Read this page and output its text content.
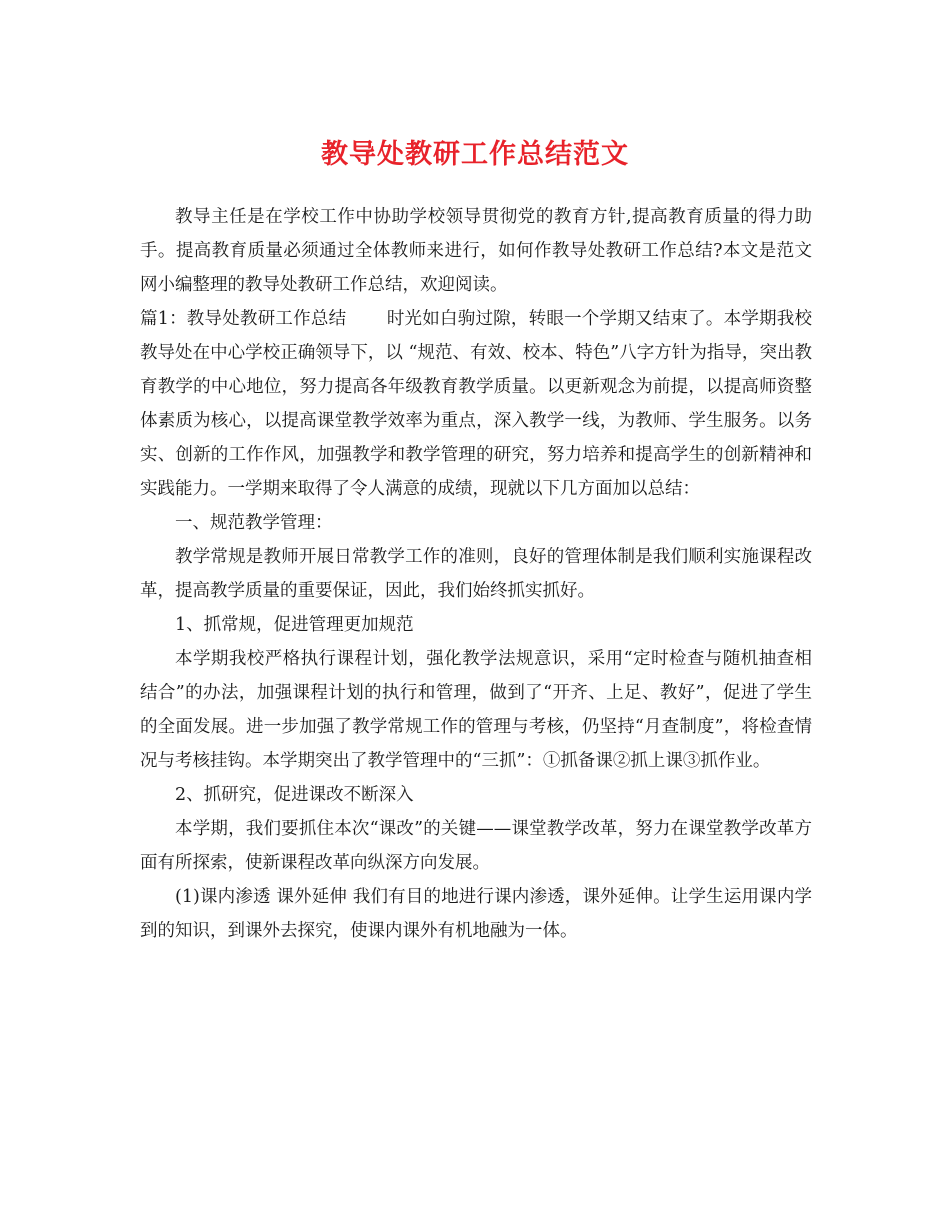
教导处教研工作总结范文

教导主任是在学校工作中协助学校领导贯彻党的教育方针,提高教育质量的得力助手。提高教育质量必须通过全体教师来进行，如何作教导处教研工作总结?本文是范文网小编整理的教导处教研工作总结，欢迎阅读。

篇1：教导处教研工作总结 时光如白驹过隙，转眼一个学期又结束了。本学期我校教导处在中心学校正确领导下，以 “规范、有效、校本、特色”八字方针为指导，突出教育教学的中心地位，努力提高各年级教育教学质量。以更新观念为前提，以提高师资整体素质为核心，以提高课堂教学效率为重点，深入教学一线，为教师、学生服务。以务实、创新的工作作风，加强教学和教学管理的研究，努力培养和提高学生的创新精神和实践能力。一学期来取得了令人满意的成绩，现就以下几方面加以总结：

一、规范教学管理：

教学常规是教师开展日常教学工作的准则，良好的管理体制是我们顺利实施课程改革，提高教学质量的重要保证，因此，我们始终抓实抓好。

1、抓常规，促进管理更加规范

本学期我校严格执行课程计划，强化教学法规意识，采用“定时检查与随机抽查相结合”的办法，加强课程计划的执行和管理，做到了“开齐、上足、教好”，促进了学生的全面发展。进一步加强了教学常规工作的管理与考核，仍坚持“月查制度”，将检查情况与考核挂钩。本学期突出了教学管理中的“三抓”：①抓备课②抓上课③抓作业。

2、抓研究，促进课改不断深入

本学期，我们要抓住本次“课改”的关键——课堂教学改革，努力在课堂教学改革方面有所探索，使新课程改革向纵深方向发展。

(1)课内渗透 课外延伸 我们有目的地进行课内渗透，课外延伸。让学生运用课内学到的知识，到课外去探究，使课内课外有机地融为一体。
